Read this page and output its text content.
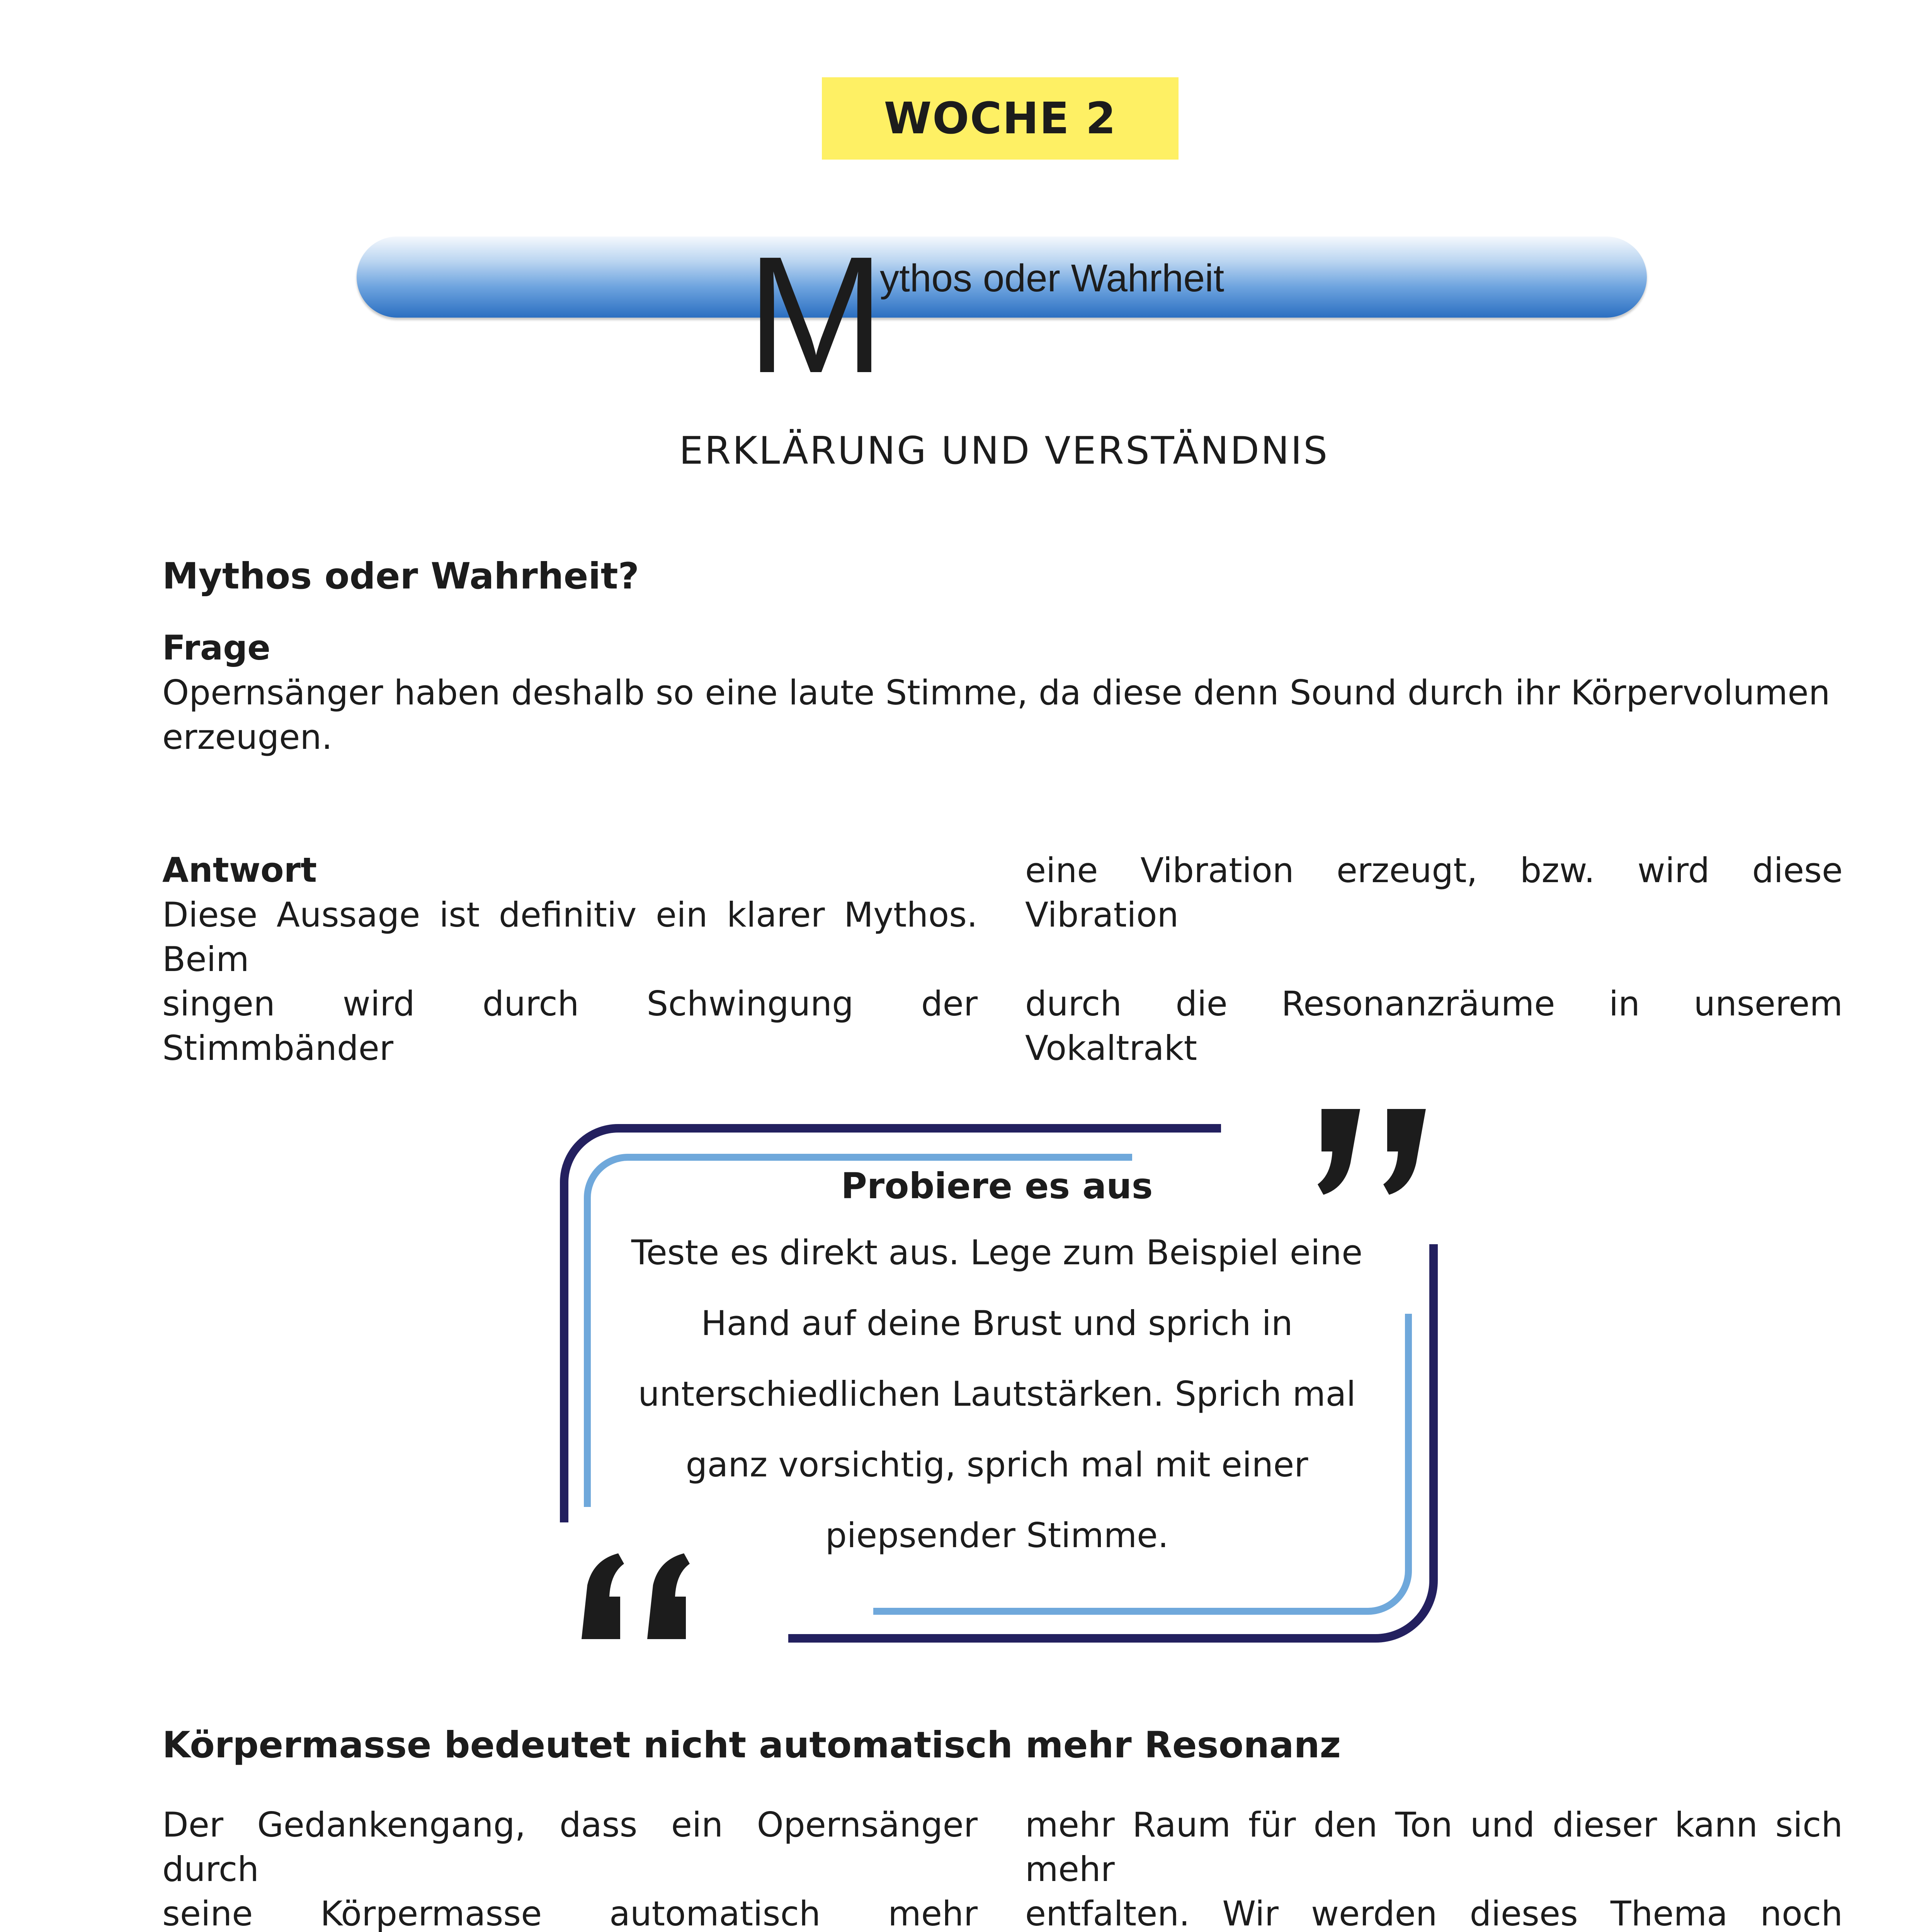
WOCHE 2
M
ythos oder Wahrheit
ERKLÄRUNG UND VERSTÄNDNIS
Mythos oder Wahrheit?
Frage
Opernsänger haben deshalb so eine laute Stimme, da diese denn Sound durch ihr Körpervolumen
erzeugen.
Antwort
Diese Aussage ist definitiv ein klarer Mythos. Beim
singen wird durch Schwingung der Stimmbänder
eine Vibration erzeugt, bzw. wird diese Vibration
durch die Resonanzräume in unserem Vokaltrakt
Probiere es aus
Teste es direkt aus. Lege zum Beispiel eine
Hand auf deine Brust und sprich in
unterschiedlichen Lautstärken. Sprich mal
ganz vorsichtig, sprich mal mit einer
piepsender Stimme.
Körpermasse bedeutet nicht automatisch mehr Resonanz
Der Gedankengang, dass ein Opernsänger durch
seine Körpermasse automatisch mehr
mehr Raum für den Ton und dieser kann sich mehr
entfalten. Wir werden dieses Thema noch
